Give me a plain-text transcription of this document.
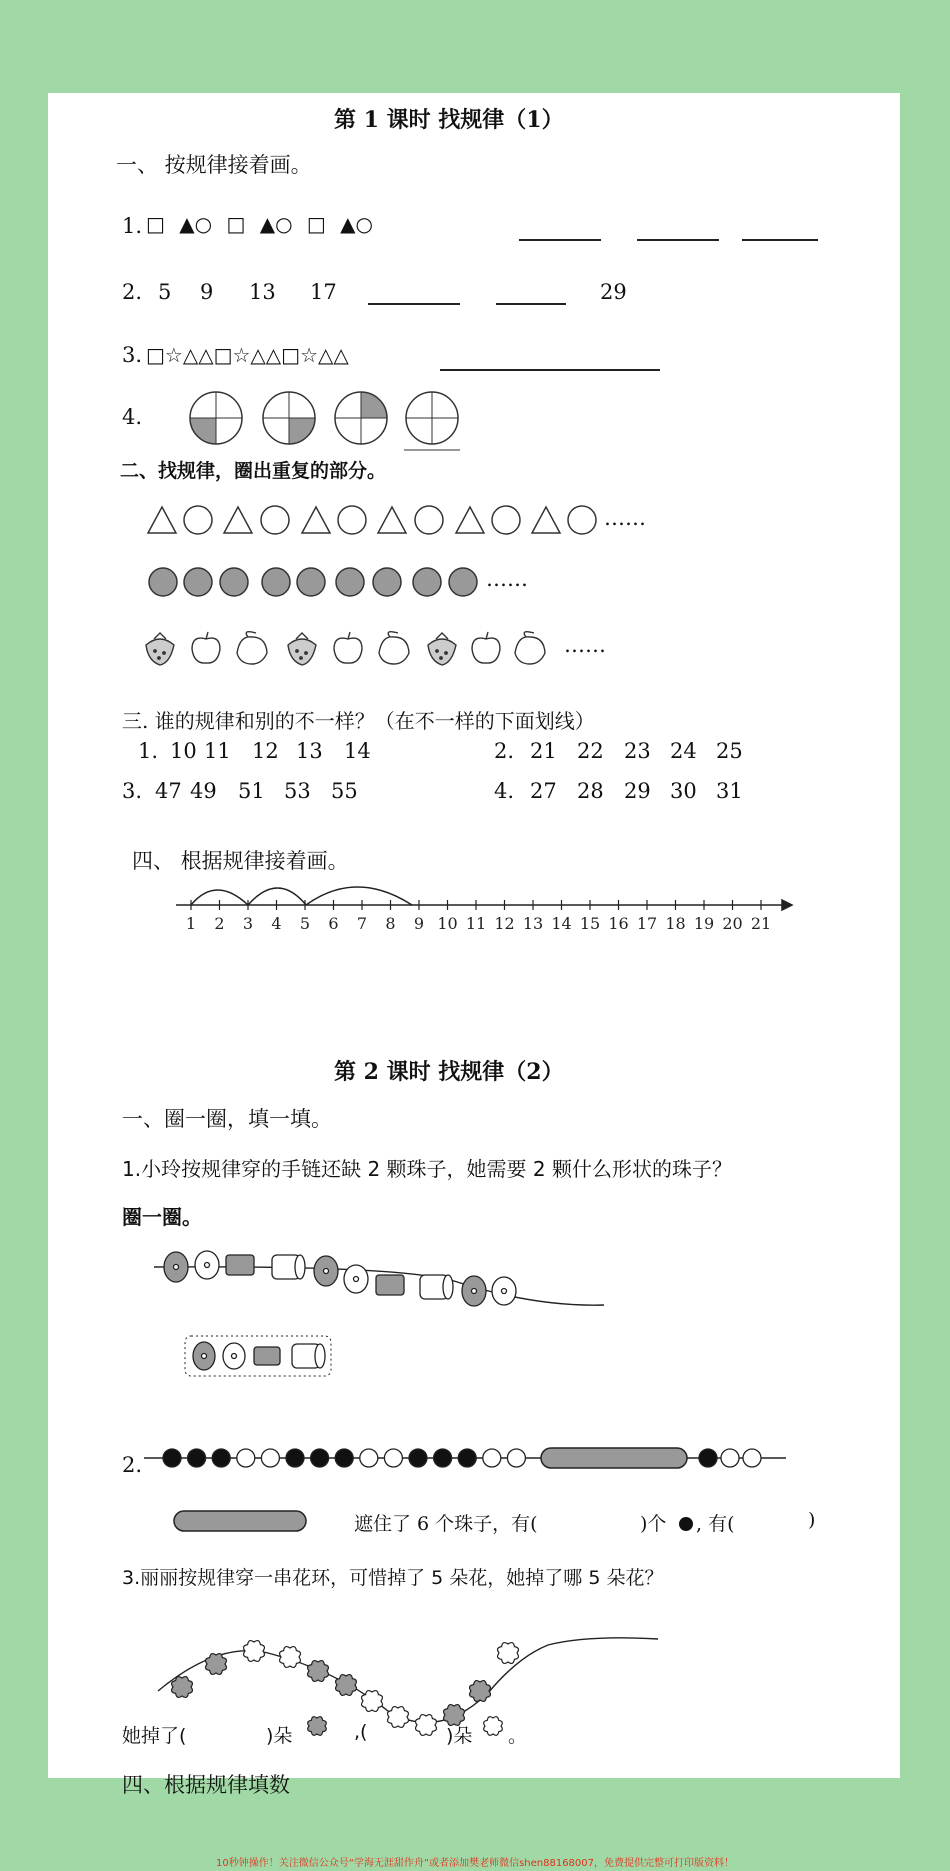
第 1 课时 找规律（1）
一、 按规律接着画。
1. □ ▲○ □ ▲○ □ ▲○
2. 5 9 13 17	29
3. □☆△△□☆△△□☆△△
4.
二、找规律，圈出重复的部分。
……
……
……
三. 谁的规律和别的不一样？（在不一样的下面划线）
1. 10 11 12 13 14	2. 21 22 23 24 25
3. 47 49 51 53 55	4. 27 28 29 30 31
四、 根据规律接着画。
1 2 3 4 5 6 7 8 9 10 11 12 13 14 15 16 17 18 19 20 21
第 2 课时 找规律（2）
一、圈一圈，填一填。
1.小玲按规律穿的手链还缺 2 颗珠子，她需要 2 颗什么形状的珠子？
圈一圈。
2.
遮住了 6 个珠子，有(	)个 , 有(	)
3.丽丽按规律穿一串花环，可惜掉了 5 朵花，她掉了哪 5 朵花？
她掉了(	)朵	,(	)朵 。
四、根据规律填数
10秒钟操作！关注微信公众号“学海无涯甜作舟”或者添加樊老师微信shen88168007，免费提供完整可打印版资料！
